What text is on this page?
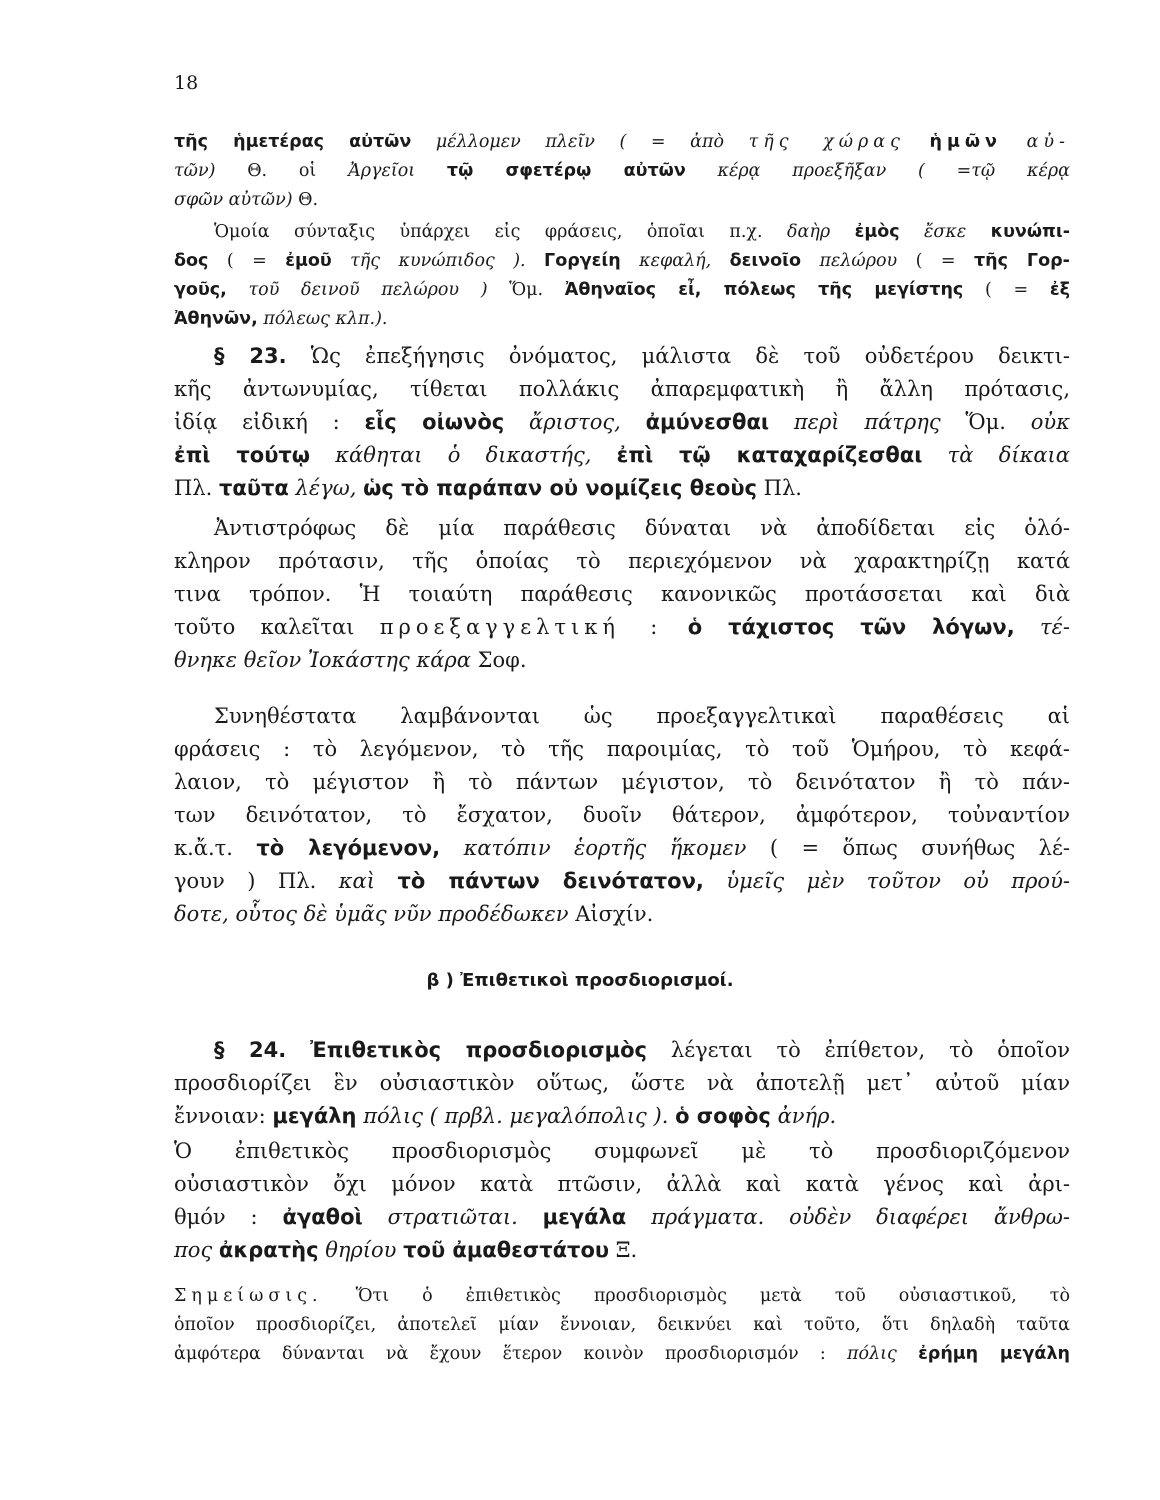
18
τῆς ἡμετέρας αὐτῶν μέλλομεν πλεῖν ( = ἀπὸ τῆς χώρας ἡμῶν αὐ-
τῶν) Θ. οἱ Ἀργεῖοι τῷ σφετέρῳ αὐτῶν κέρᾳ προεξῆξαν ( =τῷ κέρᾳ
σφῶν αὐτῶν) Θ.
Ὁμοία σύνταξις ὑπάρχει εἰς φράσεις, ὁποῖαι π.χ. δαὴρ ἐμὸς ἔσκε κυνώπι-
δος ( = ἐμοῦ τῆς κυνώπιδος ). Γοργείη κεφαλή, δεινοῖο πελώρου ( = τῆς Γορ-
γοῦς, τοῦ δεινοῦ πελώρου ) Ὅμ. Ἀθηναῖος εἶ, πόλεως τῆς μεγίστης ( = ἐξ
Ἀθηνῶν, πόλεως κλπ.).
§ 23. Ὡς ἐπεξήγησις ὀνόματος, μάλιστα δὲ τοῦ οὐδετέρου δεικτι-
κῆς ἀντωνυμίας, τίθεται πολλάκις ἀπαρεμφατικὴ ἢ ἄλλη πρότασις,
ἰδίᾳ εἰδική : εἷς οἰωνὸς ἄριστος, ἀμύνεσθαι περὶ πάτρης Ὅμ. οὐκ
ἐπὶ τούτῳ κάθηται ὁ δικαστής, ἐπὶ τῷ καταχαρίζεσθαι τὰ δίκαια
Πλ. ταῦτα λέγω, ὡς τὸ παράπαν οὐ νομίζεις θεοὺς Πλ.
Ἀντιστρόφως δὲ μία παράθεσις δύναται νὰ ἀποδίδεται εἰς ὁλό-
κληρον πρότασιν, τῆς ὁποίας τὸ περιεχόμενον νὰ χαρακτηρίζῃ κατά
τινα τρόπον. Ἡ τοιαύτη παράθεσις κανονικῶς προτάσσεται καὶ διὰ
τοῦτο καλεῖται προεξαγγελτική : ὁ τάχιστος τῶν λόγων, τέ-
θνηκε θεῖον Ἰοκάστης κάρα Σοφ.
Συνηθέστατα λαμβάνονται ὡς προεξαγγελτικαὶ παραθέσεις αἱ
φράσεις : τὸ λεγόμενον, τὸ τῆς παροιμίας, τὸ τοῦ Ὁμήρου, τὸ κεφά-
λαιον, τὸ μέγιστον ἢ τὸ πάντων μέγιστον, τὸ δεινότατον ἢ τὸ πάν-
των δεινότατον, τὸ ἔσχατον, δυοῖν θάτερον, ἀμφότερον, τοὐναντίον
κ.ἄ.τ. τὸ λεγόμενον, κατόπιν ἑορτῆς ἥκομεν ( = ὅπως συνήθως λέ-
γουν ) Πλ. καὶ τὸ πάντων δεινότατον, ὑμεῖς μὲν τοῦτον οὐ πρού-
δοτε, οὗτος δὲ ὑμᾶς νῦν προδέδωκεν Αἰσχίν.
β ) Ἐπιθετικοὶ προσδιορισμοί.
§ 24. Ἐπιθετικὸς προσδιορισμὸς λέγεται τὸ ἐπίθετον, τὸ ὁποῖον
προσδιορίζει ἓν οὐσιαστικὸν οὕτως, ὥστε νὰ ἀποτελῇ μετ᾽ αὐτοῦ μίαν
ἔννοιαν: μεγάλη πόλις ( πρβλ. μεγαλόπολις ). ὁ σοφὸς ἀνήρ.
Ὁ ἐπιθετικὸς προσδιορισμὸς συμφωνεῖ μὲ τὸ προσδιοριζόμενον
οὐσιαστικὸν ὄχι μόνον κατὰ πτῶσιν, ἀλλὰ καὶ κατὰ γένος καὶ ἀρι-
θμόν : ἀγαθοὶ στρατιῶται. μεγάλα πράγματα. οὐδὲν διαφέρει ἄνθρω-
πος ἀκρατὴς θηρίου τοῦ ἀμαθεστάτου Ξ.
Σημείωσις. Ὅτι ὁ ἐπιθετικὸς προσδιορισμὸς μετὰ τοῦ οὐσιαστικοῦ, τὸ
ὁποῖον προσδιορίζει, ἀποτελεῖ μίαν ἔννοιαν, δεικνύει καὶ τοῦτο, ὅτι δηλαδὴ ταῦτα
ἀμφότερα δύνανται νὰ ἔχουν ἕτερον κοινὸν προσδιορισμόν : πόλις ἐρήμη μεγάλη
